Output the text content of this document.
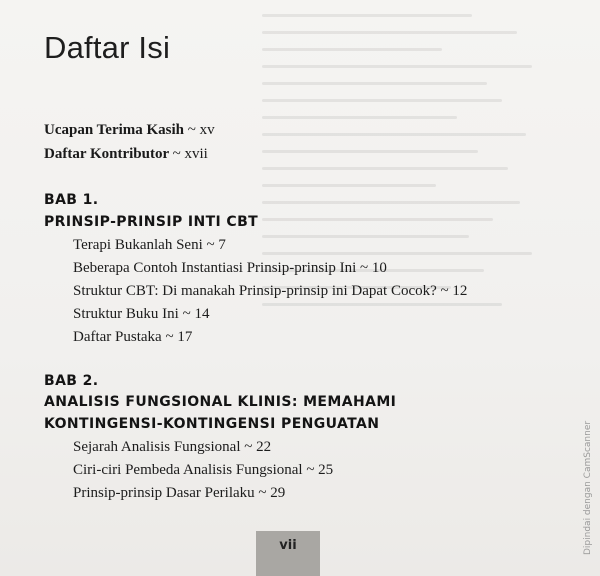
Daftar Isi
Ucapan Terima Kasih ~ xv
Daftar Kontributor ~ xvii
BAB 1.
PRINSIP-PRINSIP INTI CBT
Terapi Bukanlah Seni ~ 7
Beberapa Contoh Instantiasi Prinsip-prinsip Ini ~ 10
Struktur CBT: Di manakah Prinsip-prinsip ini Dapat Cocok? ~ 12
Struktur Buku Ini ~ 14
Daftar Pustaka ~ 17
BAB 2.
ANALISIS FUNGSIONAL KLINIS: MEMAHAMI
KONTINGENSI-KONTINGENSI PENGUATAN
Sejarah Analisis Fungsional ~ 22
Ciri-ciri Pembeda Analisis Fungsional ~ 25
Prinsip-prinsip Dasar Perilaku ~ 29
vii	Dipindai dengan CamScanner
